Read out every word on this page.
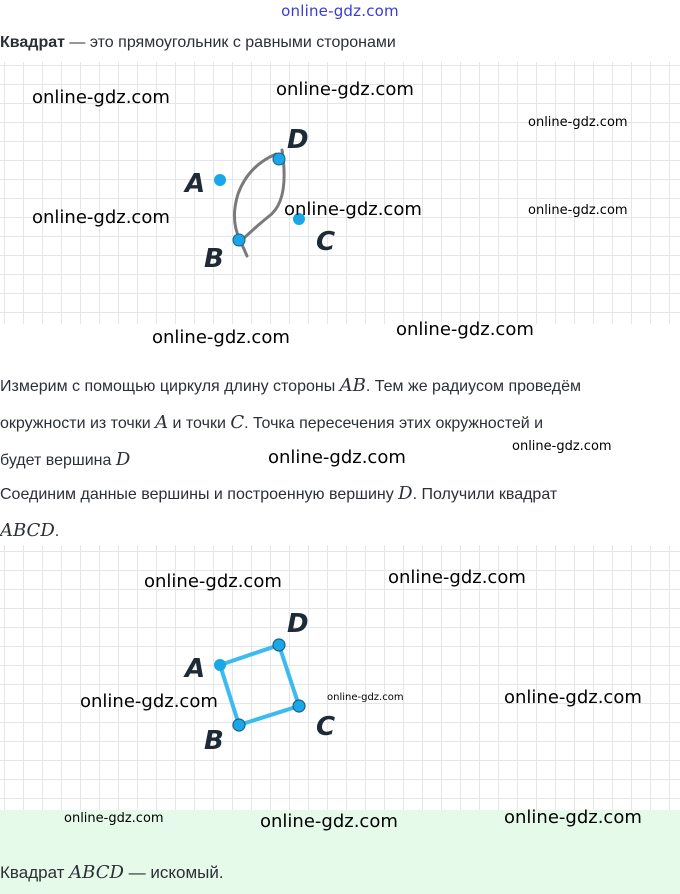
online-gdz.com
Квадрат — это прямоугольник с равными сторонами
D
A
B
C
Измерим с помощью циркуля длину стороны AB. Тем же радиусом проведём
окружности из точки A и точки C. Точка пересечения этих окружностей и
будет вершина D
Соединим данные вершины и построенную вершину D. Получили квадрат
ABCD.
D
A
B	C
Квадрат ABCD — искомый.
online-gdz.com	online-gdz.com
online-gdz.com
online-gdz.com	online-gdz.com	online-gdz.com
online-gdz.com	online-gdz.com
online-gdz.com
online-gdz.com
online-gdz.com	online-gdz.com
online-gdz.com	online-gdz.com	online-gdz.com
online-gdz.com	online-gdz.com	online-gdz.com
